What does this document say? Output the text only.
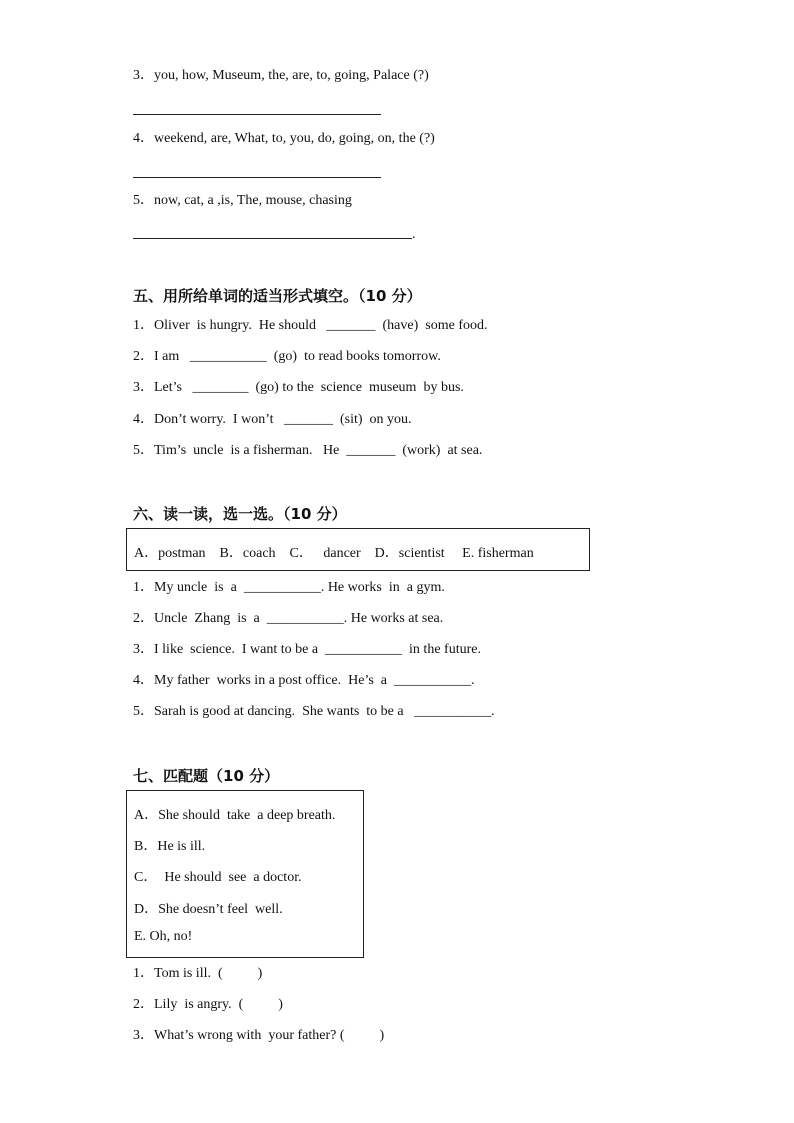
3．you, how, Museum, the, are, to, going, Palace (?)
4．weekend, are, What, to, you, do, going, on, the (?)
5．now, cat, a ,is, The, mouse, chasing
.
五、用所给单词的适当形式填空。（10 分）
1．Oliver  is hungry.  He should   _______  (have)  some food.
2．I am   ___________  (go)  to read books tomorrow.
3．Let’s   ________  (go) to the  science  museum  by bus.
4．Don’t worry.  I won’t   _______  (sit)  on you.
5．Tim’s  uncle  is a fisherman.   He  _______  (work)  at sea.
六、读一读，选一选。（10 分）
A．postman    B．coach    C．   dancer    D．scientist     E. fisherman
1．My uncle  is  a  ___________. He works  in  a gym.
2．Uncle  Zhang  is  a  ___________. He works at sea.
3．I like  science.  I want to be a  ___________  in the future.
4．My father  works in a post office.  He’s  a  ___________.
5．Sarah is good at dancing.  She wants  to be a   ___________.
七、匹配题（10 分）
A．She should  take  a deep breath.
B．He is ill.
C．  He should  see  a doctor.
D．She doesn’t feel  well.
E. Oh, no!
1．Tom is ill.  (          )
2．Lily  is angry.  (          )
3．What’s wrong with  your father? (          )
